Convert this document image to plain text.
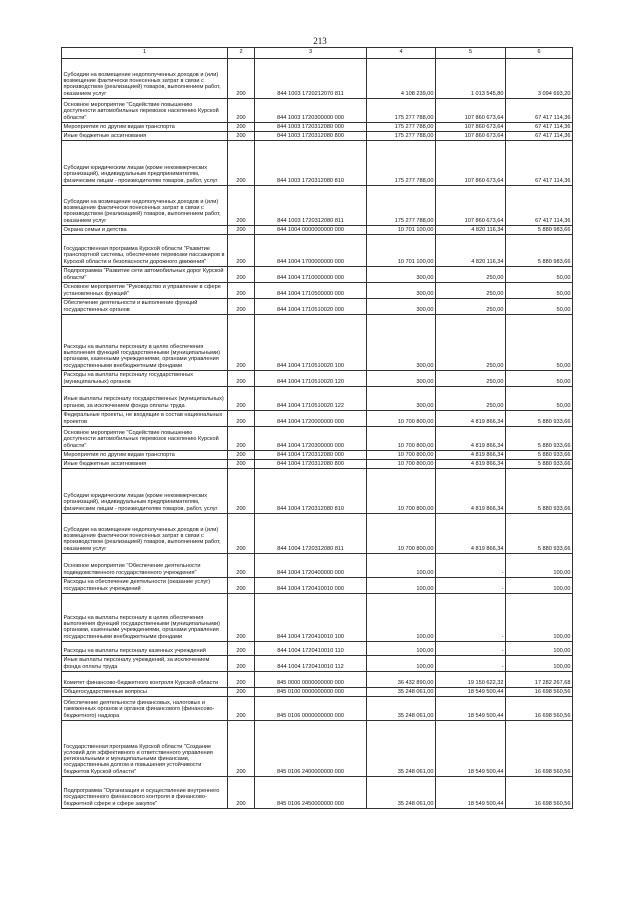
213
1	2	3	4	5	6
Субсидии на возмещение недополученных доходов и (или) возмещение фактически понесенных затрат в связи с производством (реализацией) товаров, выполнением работ, оказанием услуг	200	844 1003 1720212070 811	4 108 239,00	1 013 545,80	3 094 693,20
Основное мероприятие "Содействие повышению доступности автомобильных перевозок населению Курской области"	200	844 1003 1720300000 000	175 277 788,00	107 860 673,64	67 417 114,36
Мероприятия по другим видам транспорта	200	844 1003 1720312080 000	175 277 788,00	107 860 673,64	67 417 114,36
Иные бюджетные ассигнования	200	844 1003 1720312080 800	175 277 788,00	107 860 673,64	67 417 114,36
Субсидии юридическим лицам (кроме некоммерческих организаций), индивидуальным предпринимателям, физическим лицам - производителям товаров, работ, услуг	200	844 1003 1720312080 810	175 277 788,00	107 860 673,64	67 417 114,36
Субсидии на возмещение недополученных доходов и (или) возмещение фактически понесенных затрат в связи с производством (реализацией) товаров, выполнением работ, оказанием услуг	200	844 1003 1720312080 811	175 277 788,00	107 860 673,64	67 417 114,36
Охрана семьи и детства	200	844 1004 0000000000 000	10 701 100,00	4 820 116,34	5 880 983,66
Государственная программа Курской области "Развитие транспортной системы, обеспечение перевозки пассажиров в Курской области и безопасности дорожного движения"	200	844 1004 1700000000 000	10 701 100,00	4 820 116,34	5 880 983,66
Подпрограмма "Развитие сети автомобильных дорог Курской области"	200	844 1004 1710000000 000	300,00	250,00	50,00
Основное мероприятие "Руководство и управление в сфере установленных функций"	200	844 1004 1710500000 000	300,00	250,00	50,00
Обеспечение деятельности и выполнение функций государственных органов	200	844 1004 1710510020 000	300,00	250,00	50,00
Расходы на выплаты персоналу в целях обеспечения выполнения функций государственными (муниципальными) органами, казенными учреждениями, органами управления государственными внебюджетными фондами	200	844 1004 1710510020 100	300,00	250,00	50,00
Расходы на выплаты персоналу государственных (муниципальных) органов	200	844 1004 1710510020 120	300,00	250,00	50,00
Иные выплаты персоналу государственных (муниципальных) органов, за исключением фонда оплаты труда	200	844 1004 1710510020 122	300,00	250,00	50,00
Федеральные проекты, не входящие в состав национальных проектов	200	844 1004 1720000000 000	10 700 800,00	4 819 866,34	5 880 933,66
Основное мероприятие "Содействие повышению доступности автомобильных перевозок населению Курской области"	200	844 1004 1720300000 000	10 700 800,00	4 819 866,34	5 880 933,66
Мероприятия по другим видам транспорта	200	844 1004 1720312080 000	10 700 800,00	4 819 866,34	5 880 933,66
Иные бюджетные ассигнования	200	844 1004 1720312080 800	10 700 800,00	4 819 866,34	5 880 933,66
Субсидии юридическим лицам (кроме некоммерческих организаций), индивидуальным предпринимателям, физическим лицам - производителям товаров, работ, услуг	200	844 1004 1720312080 810	10 700 800,00	4 819 866,34	5 880 933,66
Субсидии на возмещение недополученных доходов и (или) возмещение фактически понесенных затрат в связи с производством (реализацией) товаров, выполнением работ, оказанием услуг	200	844 1004 1720312080 811	10 700 800,00	4 819 866,34	5 880 933,66
Основное мероприятие "Обеспечение деятельности подведомственного государственного учреждения"	200	844 1004 1720400000 000	100,00	-	100,00
Расходы на обеспечение деятельности (оказание услуг) государственных учреждений	200	844 1004 1720410010 000	100,00	-	100,00
Расходы на выплаты персоналу в целях обеспечения выполнения функций государственными (муниципальными) органами, казенными учреждениями, органами управления государственными внебюджетными фондами	200	844 1004 1720410010 100	100,00	-	100,00
Расходы на выплаты персоналу казенных учреждений	200	844 1004 1720410010 110	100,00	-	100,00
Иные выплаты персоналу учреждений, за исключением фонда оплаты труда	200	844 1004 1720410010 112	100,00	-	100,00
Комитет финансово-бюджетного контроля Курской области	200	845 0000 0000000000 000	36 432 890,00	19 150 622,32	17 282 267,68
Общегосударственные вопросы	200	845 0100 0000000000 000	35 248 061,00	18 549 500,44	16 698 560,56
Обеспечение деятельности финансовых, налоговых и таможенных органов и органов финансового (финансово-бюджетного) надзора	200	845 0106 0000000000 000	35 248 061,00	18 549 500,44	16 698 560,56
Государственная программа Курской области "Создание условий для эффективного и ответственного управления региональными и муниципальными финансами, государственным долгом и повышения устойчивости бюджетов Курской области"	200	845 0106 2400000000 000	35 248 061,00	18 549 500,44	16 698 560,56
Подпрограмма "Организация и осуществление внутреннего государственного финансового контроля в финансово-бюджетной сфере и сфере закупок"	200	845 0106 2450000000 000	35 248 061,00	18 549 500,44	16 698 560,56
